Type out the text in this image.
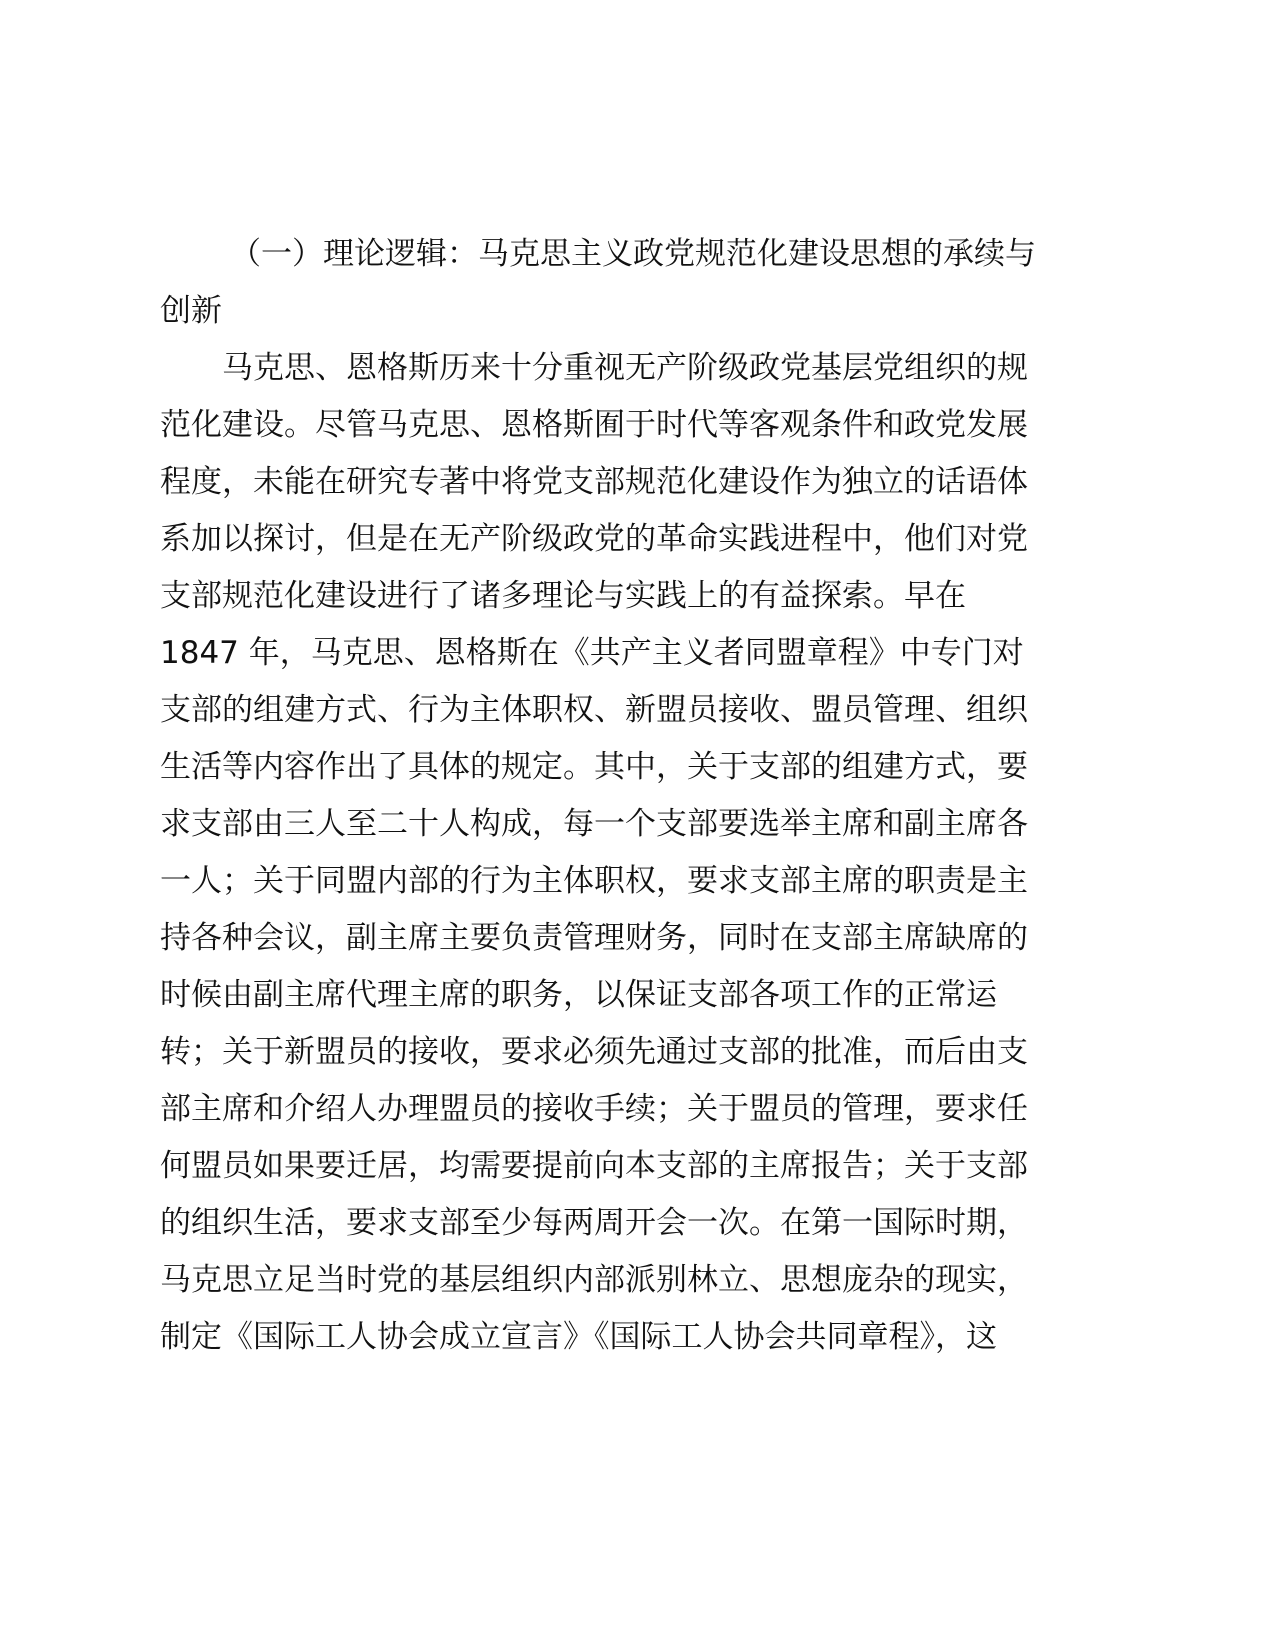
（一）理论逻辑：马克思主义政党规范化建设思想的承续与
创新
马克思、恩格斯历来十分重视无产阶级政党基层党组织的规
范化建设。尽管马克思、恩格斯囿于时代等客观条件和政党发展
程度，未能在研究专著中将党支部规范化建设作为独立的话语体
系加以探讨，但是在无产阶级政党的革命实践进程中，他们对党
支部规范化建设进行了诸多理论与实践上的有益探索。早在
1847 年，马克思、恩格斯在《共产主义者同盟章程》中专门对
支部的组建方式、行为主体职权、新盟员接收、盟员管理、组织
生活等内容作出了具体的规定。其中，关于支部的组建方式，要
求支部由三人至二十人构成，每一个支部要选举主席和副主席各
一人；关于同盟内部的行为主体职权，要求支部主席的职责是主
持各种会议，副主席主要负责管理财务，同时在支部主席缺席的
时候由副主席代理主席的职务，以保证支部各项工作的正常运
转；关于新盟员的接收，要求必须先通过支部的批准，而后由支
部主席和介绍人办理盟员的接收手续；关于盟员的管理，要求任
何盟员如果要迁居，均需要提前向本支部的主席报告；关于支部
的组织生活，要求支部至少每两周开会一次。在第一国际时期，
马克思立足当时党的基层组织内部派别林立、思想庞杂的现实，
制定《国际工人协会成立宣言》《国际工人协会共同章程》，这
